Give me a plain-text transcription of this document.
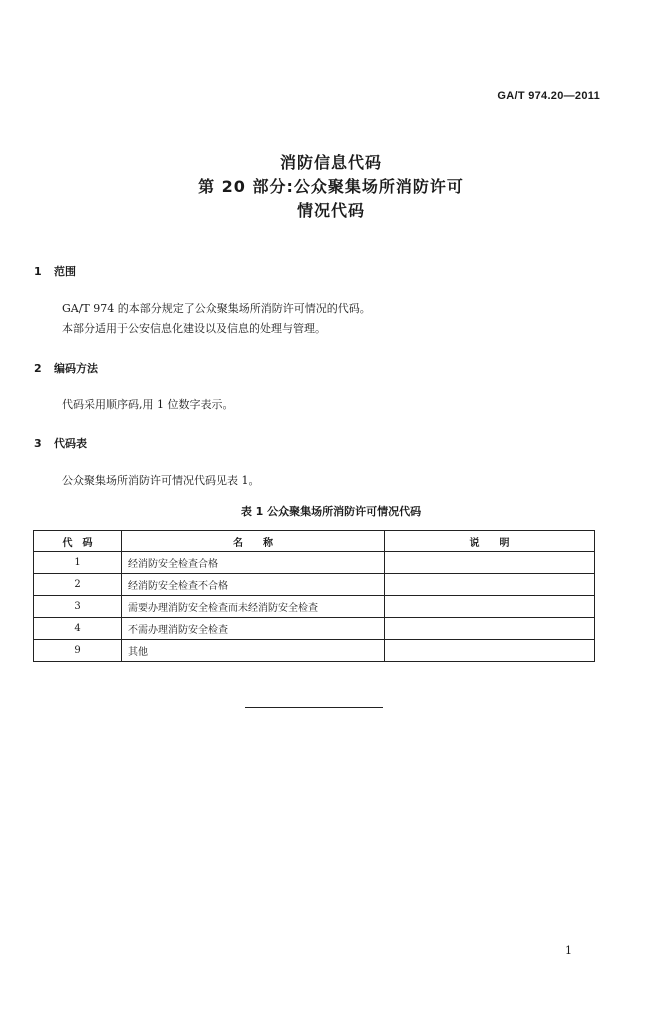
GA/T 974.20—2011
消防信息代码
第 20 部分:公众聚集场所消防许可
情况代码
1 范围
GA/T 974 的本部分规定了公众聚集场所消防许可情况的代码。
本部分适用于公安信息化建设以及信息的处理与管理。
2 编码方法
代码采用顺序码,用 1 位数字表示。
3 代码表
公众聚集场所消防许可情况代码见表 1。
表 1 公众聚集场所消防许可情况代码
代　码	名　　称	说　　明
1	经消防安全检查合格	
2	经消防安全检查不合格	
3	需要办理消防安全检查而未经消防安全检查	
4	不需办理消防安全检查	
9	其他	
1
